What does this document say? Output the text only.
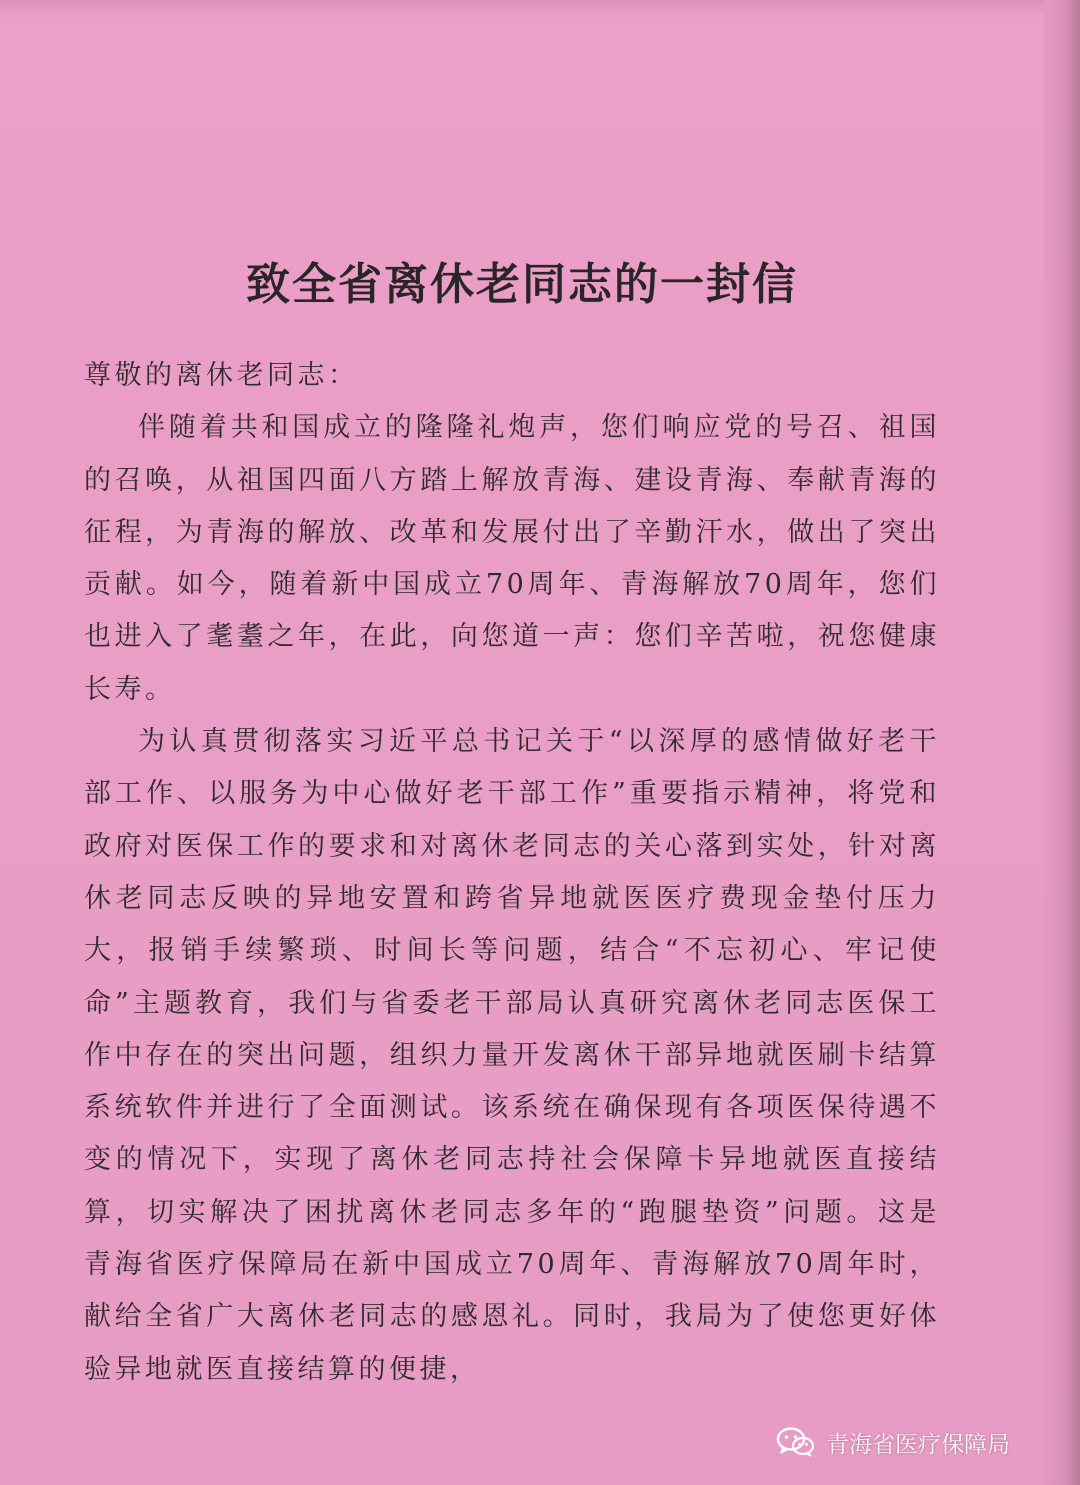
致全省离休老同志的一封信

尊敬的离休老同志：

伴随着共和国成立的隆隆礼炮声，您们响应党的号召、祖国的召唤，从祖国四面八方踏上解放青海、建设青海、奉献青海的征程，为青海的解放、改革和发展付出了辛勤汗水，做出了突出贡献。如今，随着新中国成立70周年、青海解放70周年，您们也进入了耄耋之年，在此，向您道一声：您们辛苦啦，祝您健康长寿。

为认真贯彻落实习近平总书记关于“以深厚的感情做好老干部工作、以服务为中心做好老干部工作”重要指示精神，将党和政府对医保工作的要求和对离休老同志的关心落到实处，针对离休老同志反映的异地安置和跨省异地就医医疗费现金垫付压力大，报销手续繁琐、时间长等问题，结合“不忘初心、牢记使命”主题教育，我们与省委老干部局认真研究离休老同志医保工作中存在的突出问题，组织力量开发离休干部异地就医刷卡结算系统软件并进行了全面测试。该系统在确保现有各项医保待遇不变的情况下，实现了离休老同志持社会保障卡异地就医直接结算，切实解决了困扰离休老同志多年的“跑腿垫资”问题。这是青海省医疗保障局在新中国成立70周年、青海解放70周年时，献给全省广大离休老同志的感恩礼。同时，我局为了使您更好体验异地就医直接结算的便捷，

青海省医疗保障局
